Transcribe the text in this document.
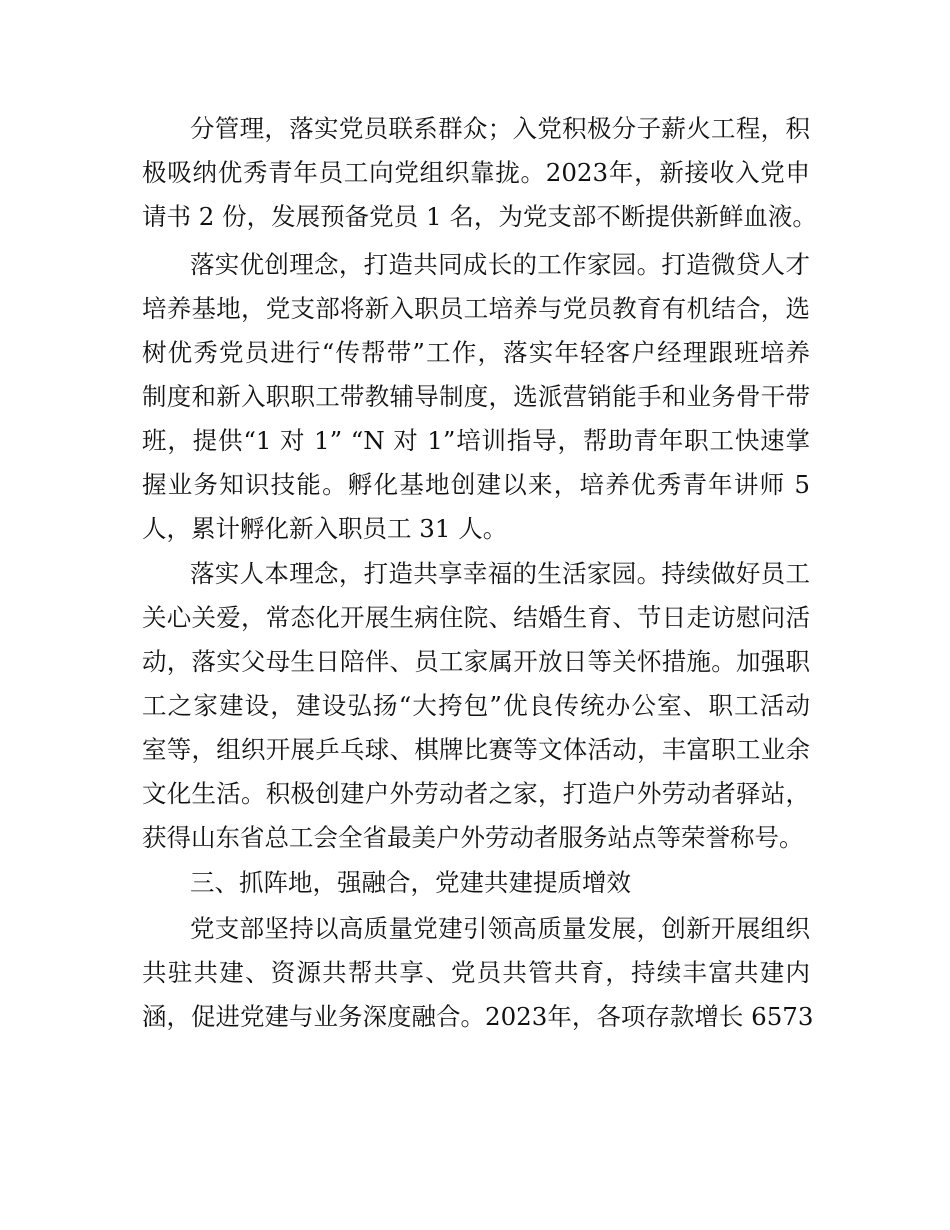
分管理，落实党员联系群众；入党积极分子薪火工程，积
极吸纳优秀青年员工向党组织靠拢。2023年，新接收入党申
请书 2 份，发展预备党员 1 名，为党支部不断提供新鲜血液。
落实优创理念，打造共同成长的工作家园。打造微贷人才
培养基地，党支部将新入职员工培养与党员教育有机结合，选
树优秀党员进行“传帮带”工作，落实年轻客户经理跟班培养
制度和新入职职工带教辅导制度，选派营销能手和业务骨干带
班，提供“1 对 1” “N 对 1”培训指导，帮助青年职工快速掌
握业务知识技能。孵化基地创建以来，培养优秀青年讲师 5
人，累计孵化新入职员工 31 人。
落实人本理念，打造共享幸福的生活家园。持续做好员工
关心关爱，常态化开展生病住院、结婚生育、节日走访慰问活
动，落实父母生日陪伴、员工家属开放日等关怀措施。加强职
工之家建设，建设弘扬“大挎包”优良传统办公室、职工活动
室等，组织开展乒乓球、棋牌比赛等文体活动，丰富职工业余
文化生活。积极创建户外劳动者之家，打造户外劳动者驿站，
获得山东省总工会全省最美户外劳动者服务站点等荣誉称号。
三、抓阵地，强融合，党建共建提质增效
党支部坚持以高质量党建引领高质量发展，创新开展组织
共驻共建、资源共帮共享、党员共管共育，持续丰富共建内
涵，促进党建与业务深度融合。2023年，各项存款增长 6573
